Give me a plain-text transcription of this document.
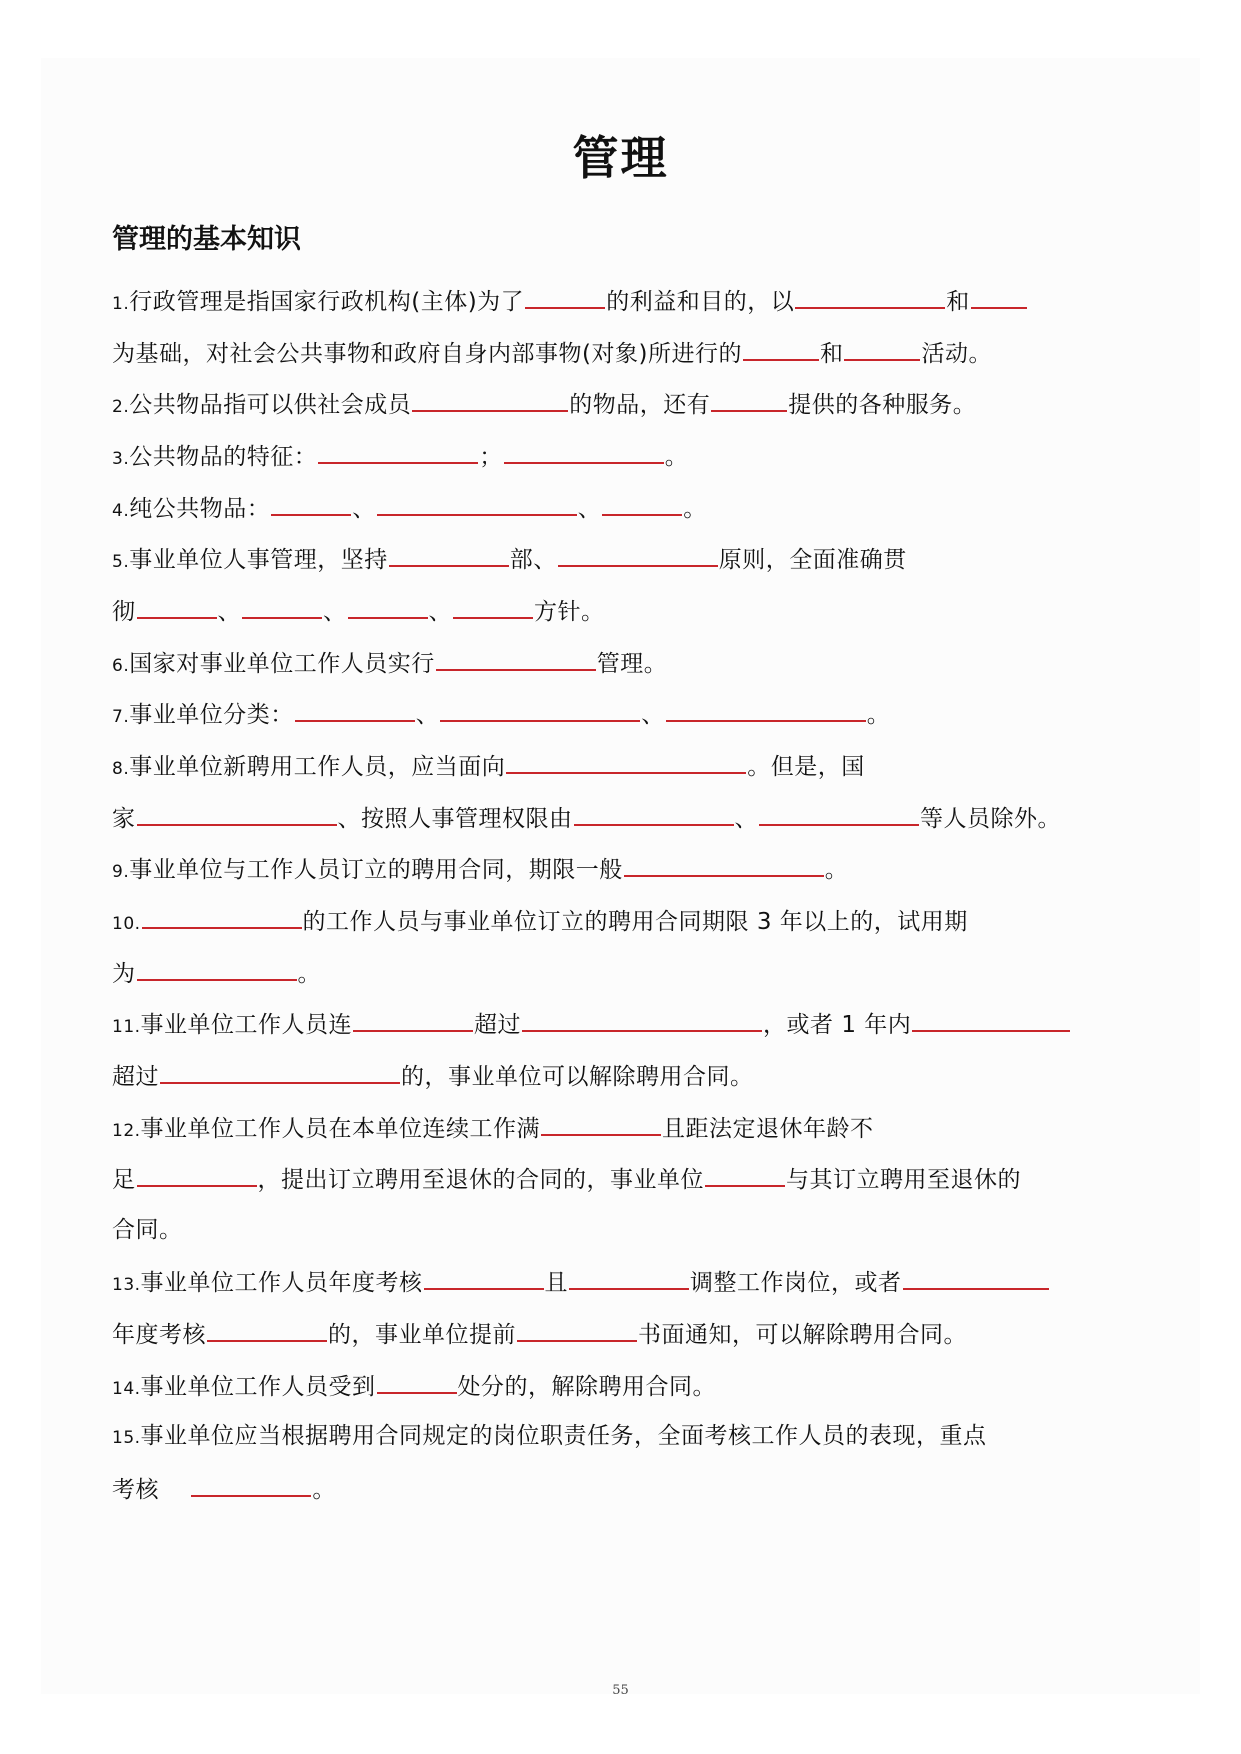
管理
管理的基本知识
1.行政管理是指国家行政机构(主体)为了	的利益和目的，以	和
为基础，对社会公共事物和政府自身内部事物(对象)所进行的	和	活动。
2.公共物品指可以供社会成员	的物品，还有	提供的各种服务。
3.公共物品的特征：	；	。
4.纯公共物品：	、	、	。
5.事业单位人事管理，坚持	部、	原则，全面准确贯
彻	、	、	、	方针。
6.国家对事业单位工作人员实行	管理。
7.事业单位分类：	、	、	。
8.事业单位新聘用工作人员，应当面向	。但是，国
家	、按照人事管理权限由	、	等人员除外。
9.事业单位与工作人员订立的聘用合同，期限一般	。
10.	的工作人员与事业单位订立的聘用合同期限 3 年以上的，试用期
为	。
11.事业单位工作人员连	超过	，或者 1 年内
超过	的，事业单位可以解除聘用合同。
12.事业单位工作人员在本单位连续工作满	且距法定退休年龄不
足	，提出订立聘用至退休的合同的，事业单位	与其订立聘用至退休的
合同。
13.事业单位工作人员年度考核	且	调整工作岗位，或者
年度考核	的，事业单位提前	书面通知，可以解除聘用合同。
14.事业单位工作人员受到	处分的，解除聘用合同。
15.事业单位应当根据聘用合同规定的岗位职责任务，全面考核工作人员的表现，重点
考核　	。
55
